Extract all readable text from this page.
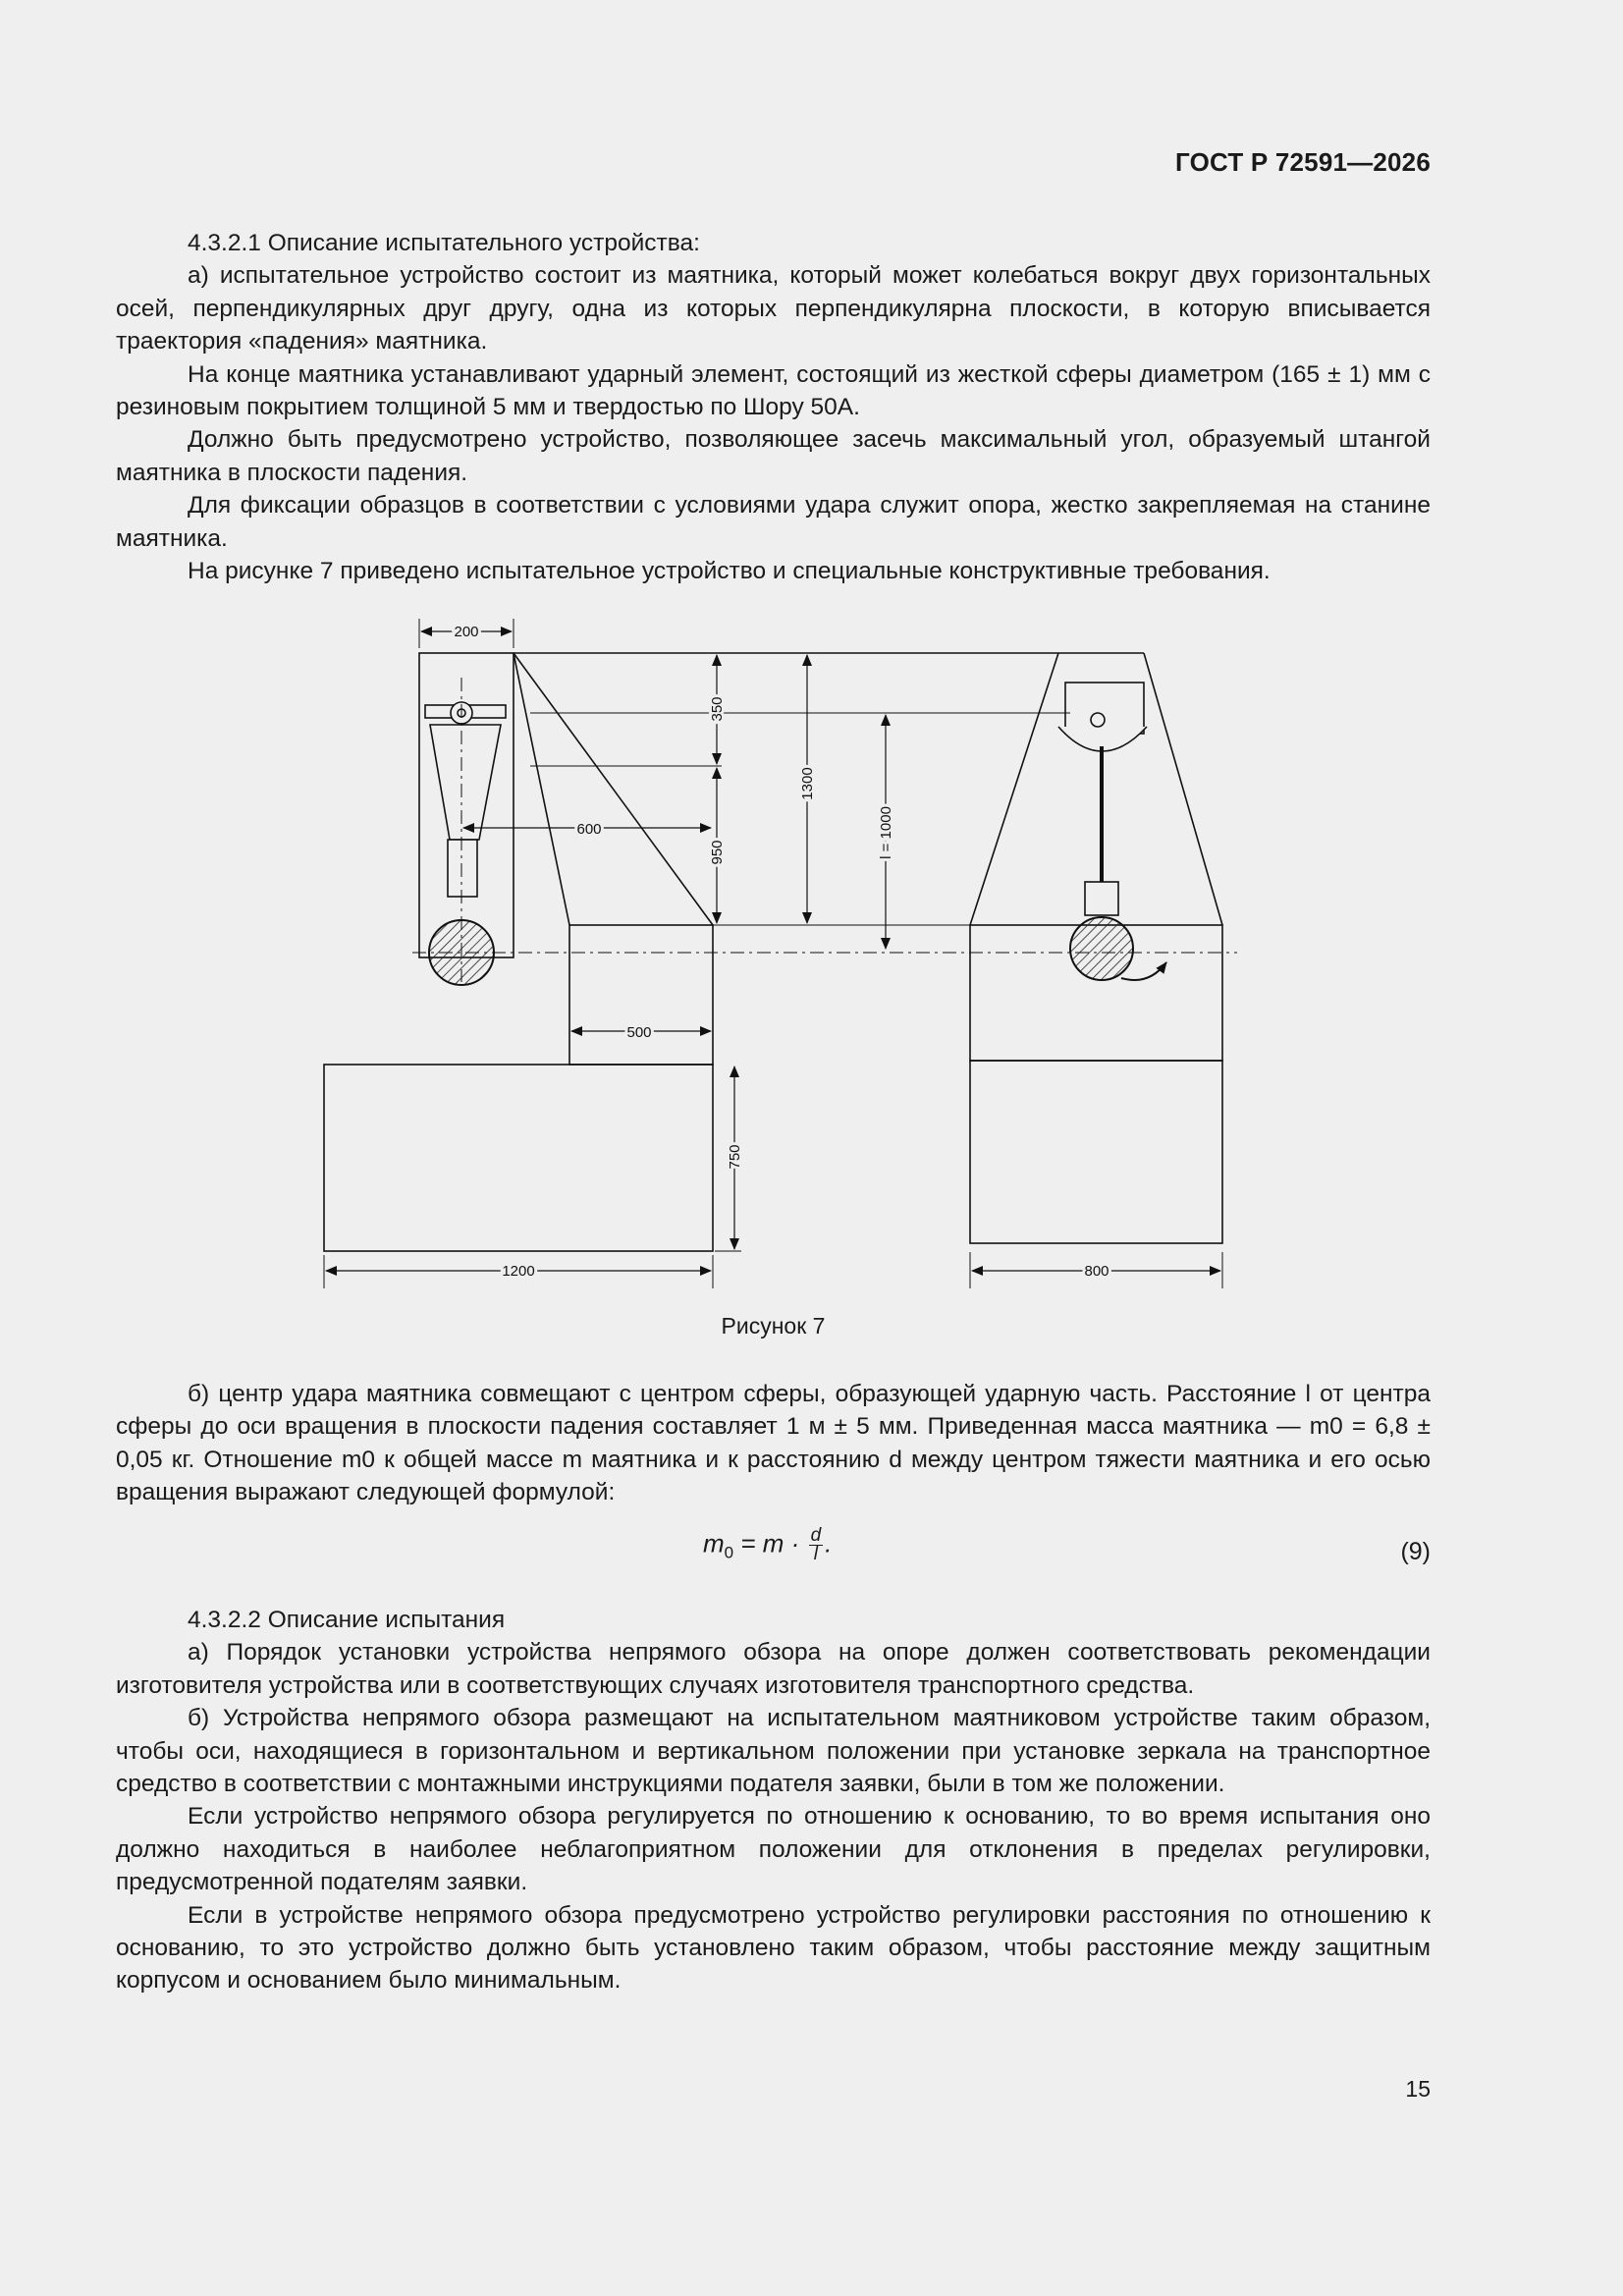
ГОСТ Р 72591—2026

4.3.2.1 Описание испытательного устройства:

а) испытательное устройство состоит из маятника, который может колебаться вокруг двух горизонтальных осей, перпендикулярных друг другу, одна из которых перпендикулярна плоскости, в которую вписывается траектория «падения» маятника.

На конце маятника устанавливают ударный элемент, состоящий из жесткой сферы диаметром (165 ± 1) мм с резиновым покрытием толщиной 5 мм и твердостью по Шору 50А.

Должно быть предусмотрено устройство, позволяющее засечь максимальный угол, образуемый штангой маятника в плоскости падения.

Для фиксации образцов в соответствии с условиями удара служит опора, жестко закрепляемая на станине маятника.

На рисунке 7 приведено испытательное устройство и специальные конструктивные требования.

200
600
500
1200	800
350
950
1300
l = 1000
750
Рисунок 7

б) центр удара маятника совмещают с центром сферы, образующей ударную часть. Расстояние l от центра сферы до оси вращения в плоскости падения составляет 1 м ± 5 мм. Приведенная масса маятника — m0 = 6,8 ± 0,05 кг. Отношение m0 к общей массе m маятника и к расстоянию d между центром тяжести маятника и его осью вращения выражают следующей формулой:

$m_0 = m \cdot \frac{d}{l}$ .	(9)

4.3.2.2 Описание испытания

а) Порядок установки устройства непрямого обзора на опоре должен соответствовать рекомендации изготовителя устройства или в соответствующих случаях изготовителя транспортного средства.

б) Устройства непрямого обзора размещают на испытательном маятниковом устройстве таким образом, чтобы оси, находящиеся в горизонтальном и вертикальном положении при установке зеркала на транспортное средство в соответствии с монтажными инструкциями подателя заявки, были в том же положении.

Если устройство непрямого обзора регулируется по отношению к основанию, то во время испытания оно должно находиться в наиболее неблагоприятном положении для отклонения в пределах регулировки, предусмотренной подателям заявки.

Если в устройстве непрямого обзора предусмотрено устройство регулировки расстояния по отношению к основанию, то это устройство должно быть установлено таким образом, чтобы расстояние между защитным корпусом и основанием было минимальным.

15
